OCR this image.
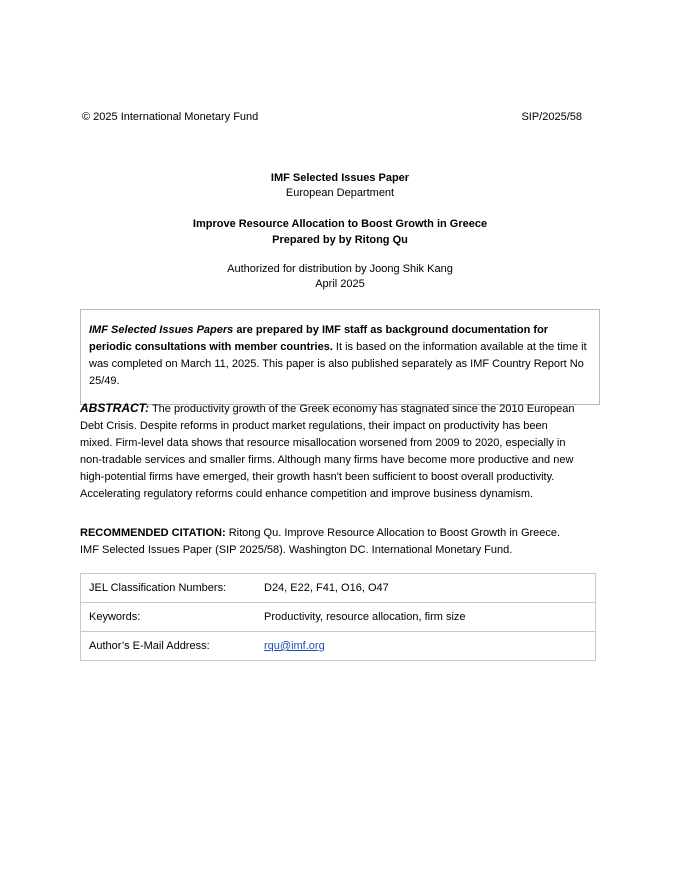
© 2025 International Monetary Fund	SIP/2025/58
IMF Selected Issues Paper
European Department
Improve Resource Allocation to Boost Growth in Greece
Prepared by by Ritong Qu
Authorized for distribution by Joong Shik Kang
April 2025
IMF Selected Issues Papers are prepared by IMF staff as background documentation for periodic consultations with member countries. It is based on the information available at the time it was completed on March 11, 2025. This paper is also published separately as IMF Country Report No 25/49.
ABSTRACT: The productivity growth of the Greek economy has stagnated since the 2010 European Debt Crisis. Despite reforms in product market regulations, their impact on productivity has been mixed. Firm-level data shows that resource misallocation worsened from 2009 to 2020, especially in non-tradable services and smaller firms. Although many firms have become more productive and new high-potential firms have emerged, their growth hasn't been sufficient to boost overall productivity. Accelerating regulatory reforms could enhance competition and improve business dynamism.
RECOMMENDED CITATION: Ritong Qu. Improve Resource Allocation to Boost Growth in Greece. IMF Selected Issues Paper (SIP 2025/58). Washington DC. International Monetary Fund.
JEL Classification Numbers:	D24, E22, F41, O16, O47
Keywords:	Productivity, resource allocation, firm size
Author’s E-Mail Address:	rqu@imf.org
